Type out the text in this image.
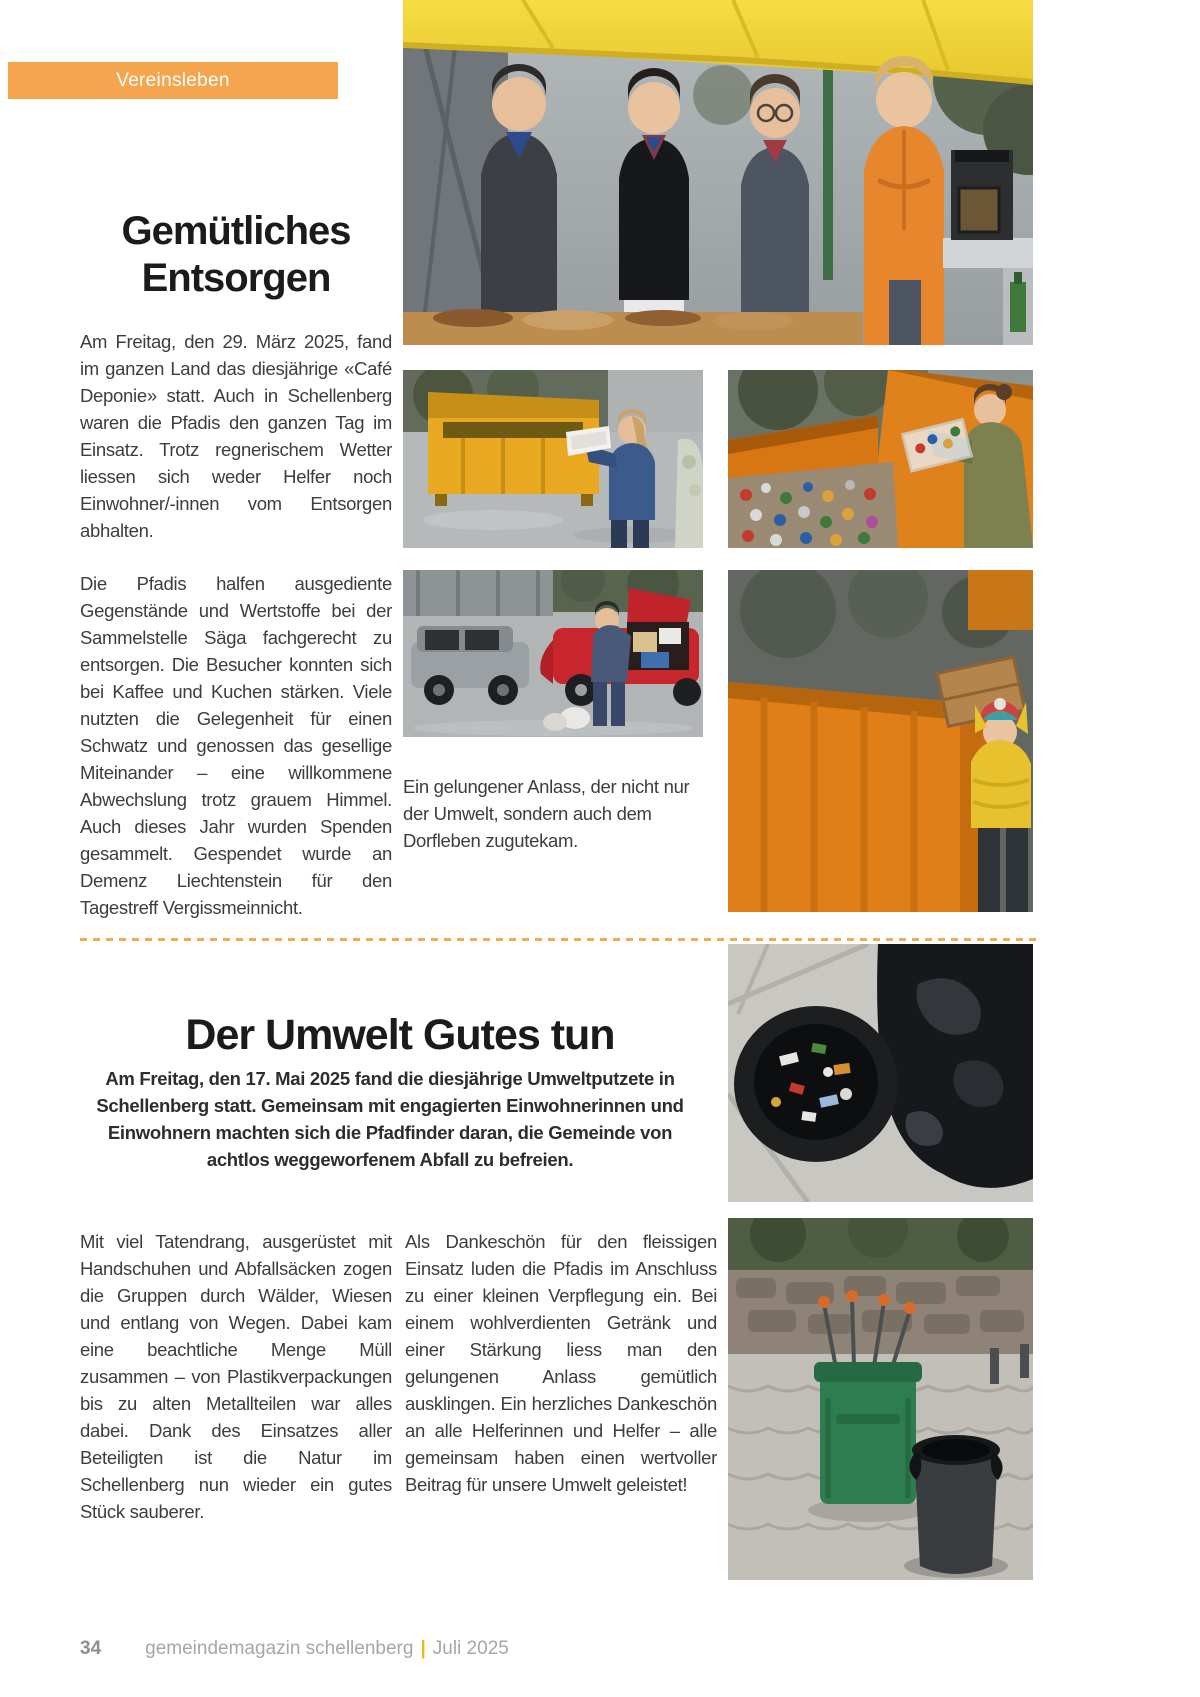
Vereinsleben
Gemütliches Entsorgen

Am Freitag, den 29. März 2025, fand im ganzen Land das diesjährige «Café Deponie» statt. Auch in Schellenberg waren die Pfadis den ganzen Tag im Einsatz. Trotz regnerischem Wetter liessen sich weder Helfer noch Einwohner/-innen vom Entsorgen abhalten.

Die Pfadis halfen ausgediente Gegenstände und Wertstoffe bei der Sammelstelle Säga fachgerecht zu entsorgen. Die Besucher konnten sich bei Kaffee und Kuchen stärken. Viele nutzten die Gelegenheit für einen Schwatz und genossen das gesellige Miteinander – eine willkommene Abwechslung trotz grauem Himmel. Auch dieses Jahr wurden Spenden gesammelt. Gespendet wurde an Demenz Liechtenstein für den Tagestreff Vergissmeinnicht.

Ein gelungener Anlass, der nicht nur der Umwelt, sondern auch dem Dorfleben zugutekam.

Der Umwelt Gutes tun

Am Freitag, den 17. Mai 2025 fand die diesjährige Umweltputzete in Schellenberg statt. Gemeinsam mit engagierten Einwohnerinnen und Einwohnern machten sich die Pfadfinder daran, die Gemeinde von achtlos weggeworfenem Abfall zu befreien.

Mit viel Tatendrang, ausgerüstet mit Handschuhen und Abfallsäcken zogen die Gruppen durch Wälder, Wiesen und entlang von Wegen. Dabei kam eine beachtliche Menge Müll zusammen – von Plastikverpackungen bis zu alten Metallteilen war alles dabei. Dank des Einsatzes aller Beteiligten ist die Natur im Schellenberg nun wieder ein gutes Stück sauberer.

Als Dankeschön für den fleissigen Einsatz luden die Pfadis im Anschluss zu einer kleinen Verpflegung ein. Bei einem wohlverdienten Getränk und einer Stärkung liess man den gelungenen Anlass gemütlich ausklingen. Ein herzliches Dankeschön an alle Helferinnen und Helfer – alle gemeinsam haben einen wertvoller Beitrag für unsere Umwelt geleistet!

34 gemeindemagazin schellenberg | Juli 2025
